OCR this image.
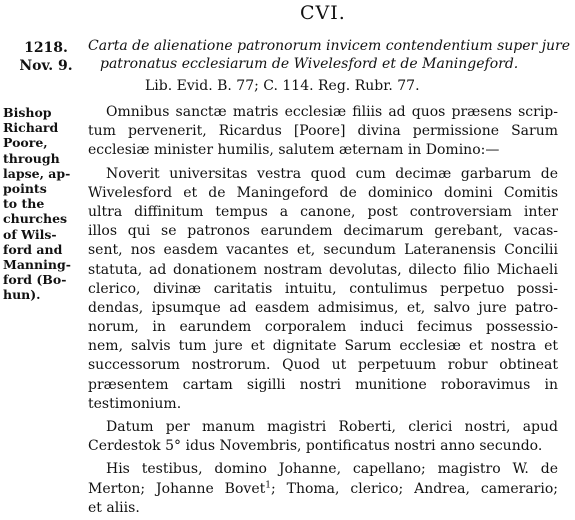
CVI.
1218.
Nov. 9.
Carta de alienatione patronorum invicem contendentium super jure
patronatus ecclesiarum de Wivelesford et de Maningeford.
Lib. Evid. B. 77; C. 114. Reg. Rubr. 77.
Bishop
Richard
Poore,
through
lapse, ap-
points
to the
churches
of Wils-
ford and
Manning-
ford (Bo-
hun).
Omnibus sanctæ matris ecclesiæ filiis ad quos præsens scrip-
tum pervenerit, Ricardus [Poore] divina permissione Sarum
ecclesiæ minister humilis, salutem æternam in Domino:—
Noverit universitas vestra quod cum decimæ garbarum de
Wivelesford et de Maningeford de dominico domini Comitis
ultra diffinitum tempus a canone, post controversiam inter
illos qui se patronos earundem decimarum gerebant, vacas-
sent, nos easdem vacantes et, secundum Lateranensis Concilii
statuta, ad donationem nostram devolutas, dilecto filio Michaeli
clerico, divinæ caritatis intuitu, contulimus perpetuo possi-
dendas, ipsumque ad easdem admisimus, et, salvo jure patro-
norum, in earundem corporalem induci fecimus possessio-
nem, salvis tum jure et dignitate Sarum ecclesiæ et nostra et
successorum nostrorum. Quod ut perpetuum robur obtineat
præsentem cartam sigilli nostri munitione roboravimus in
testimonium.
Datum per manum magistri Roberti, clerici nostri, apud
Cerdestok 5° idus Novembris, pontificatus nostri anno secundo.
His testibus, domino Johanne, capellano; magistro W. de
Merton; Johanne Bovet$^1$; Thoma, clerico; Andrea, camerario;
et aliis.
